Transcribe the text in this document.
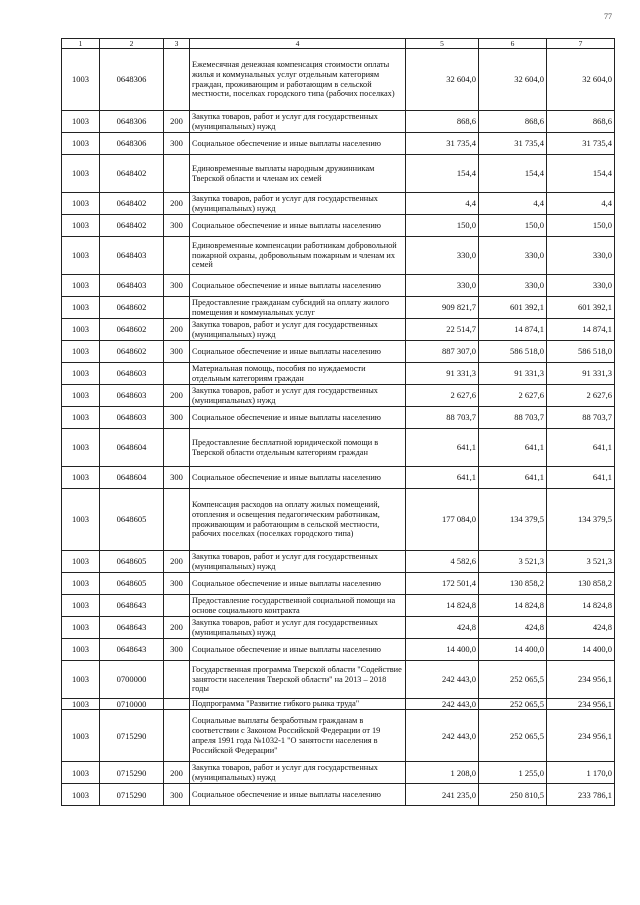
77
1	2	3	4	5	6	7
1003	0648306		Ежемесячная денежная компенсация стоимости оплаты жилья и коммунальных услуг отдельным категориям граждан, проживающим и работающим в сельской местности, поселках городского типа (рабочих поселках)	32 604,0	32 604,0	32 604,0
1003	0648306	200	Закупка товаров, работ и услуг для государственных (муниципальных) нужд	868,6	868,6	868,6
1003	0648306	300	Социальное обеспечение и иные выплаты населению	31 735,4	31 735,4	31 735,4
1003	0648402		Единовременные выплаты народным дружинникам Тверской области и членам их семей	154,4	154,4	154,4
1003	0648402	200	Закупка товаров, работ и услуг для государственных (муниципальных) нужд	4,4	4,4	4,4
1003	0648402	300	Социальное обеспечение и иные выплаты населению	150,0	150,0	150,0
1003	0648403		Единовременные компенсации работникам добровольной пожарной охраны, добровольным пожарным и членам их семей	330,0	330,0	330,0
1003	0648403	300	Социальное обеспечение и иные выплаты населению	330,0	330,0	330,0
1003	0648602		Предоставление гражданам субсидий на оплату жилого помещения и коммунальных услуг	909 821,7	601 392,1	601 392,1
1003	0648602	200	Закупка товаров, работ и услуг для государственных (муниципальных) нужд	22 514,7	14 874,1	14 874,1
1003	0648602	300	Социальное обеспечение и иные выплаты населению	887 307,0	586 518,0	586 518,0
1003	0648603		Материальная помощь, пособия по нуждаемости отдельным категориям граждан	91 331,3	91 331,3	91 331,3
1003	0648603	200	Закупка товаров, работ и услуг для государственных (муниципальных) нужд	2 627,6	2 627,6	2 627,6
1003	0648603	300	Социальное обеспечение и иные выплаты населению	88 703,7	88 703,7	88 703,7
1003	0648604		Предоставление бесплатной юридической помощи в Тверской области отдельным категориям граждан	641,1	641,1	641,1
1003	0648604	300	Социальное обеспечение и иные выплаты населению	641,1	641,1	641,1
1003	0648605		Компенсация расходов на оплату жилых помещений, отопления и освещения педагогическим работникам, проживающим и работающим в сельской местности, рабочих поселках (поселках городского типа)	177 084,0	134 379,5	134 379,5
1003	0648605	200	Закупка товаров, работ и услуг для государственных (муниципальных) нужд	4 582,6	3 521,3	3 521,3
1003	0648605	300	Социальное обеспечение и иные выплаты населению	172 501,4	130 858,2	130 858,2
1003	0648643		Предоставление государственной социальной помощи на основе социального контракта	14 824,8	14 824,8	14 824,8
1003	0648643	200	Закупка товаров, работ и услуг для государственных (муниципальных) нужд	424,8	424,8	424,8
1003	0648643	300	Социальное обеспечение и иные выплаты населению	14 400,0	14 400,0	14 400,0
1003	0700000		Государственная программа Тверской области "Содействие занятости населения Тверской области" на 2013 – 2018 годы	242 443,0	252 065,5	234 956,1
1003	0710000		Подпрограмма "Развитие гибкого рынка труда"	242 443,0	252 065,5	234 956,1
1003	0715290		Социальные выплаты безработным гражданам в соответствии с Законом Российской Федерации от 19 апреля 1991 года №1032-1 "О занятости населения в Российской Федерации"	242 443,0	252 065,5	234 956,1
1003	0715290	200	Закупка товаров, работ и услуг для государственных (муниципальных) нужд	1 208,0	1 255,0	1 170,0
1003	0715290	300	Социальное обеспечение и иные выплаты населению	241 235,0	250 810,5	233 786,1
